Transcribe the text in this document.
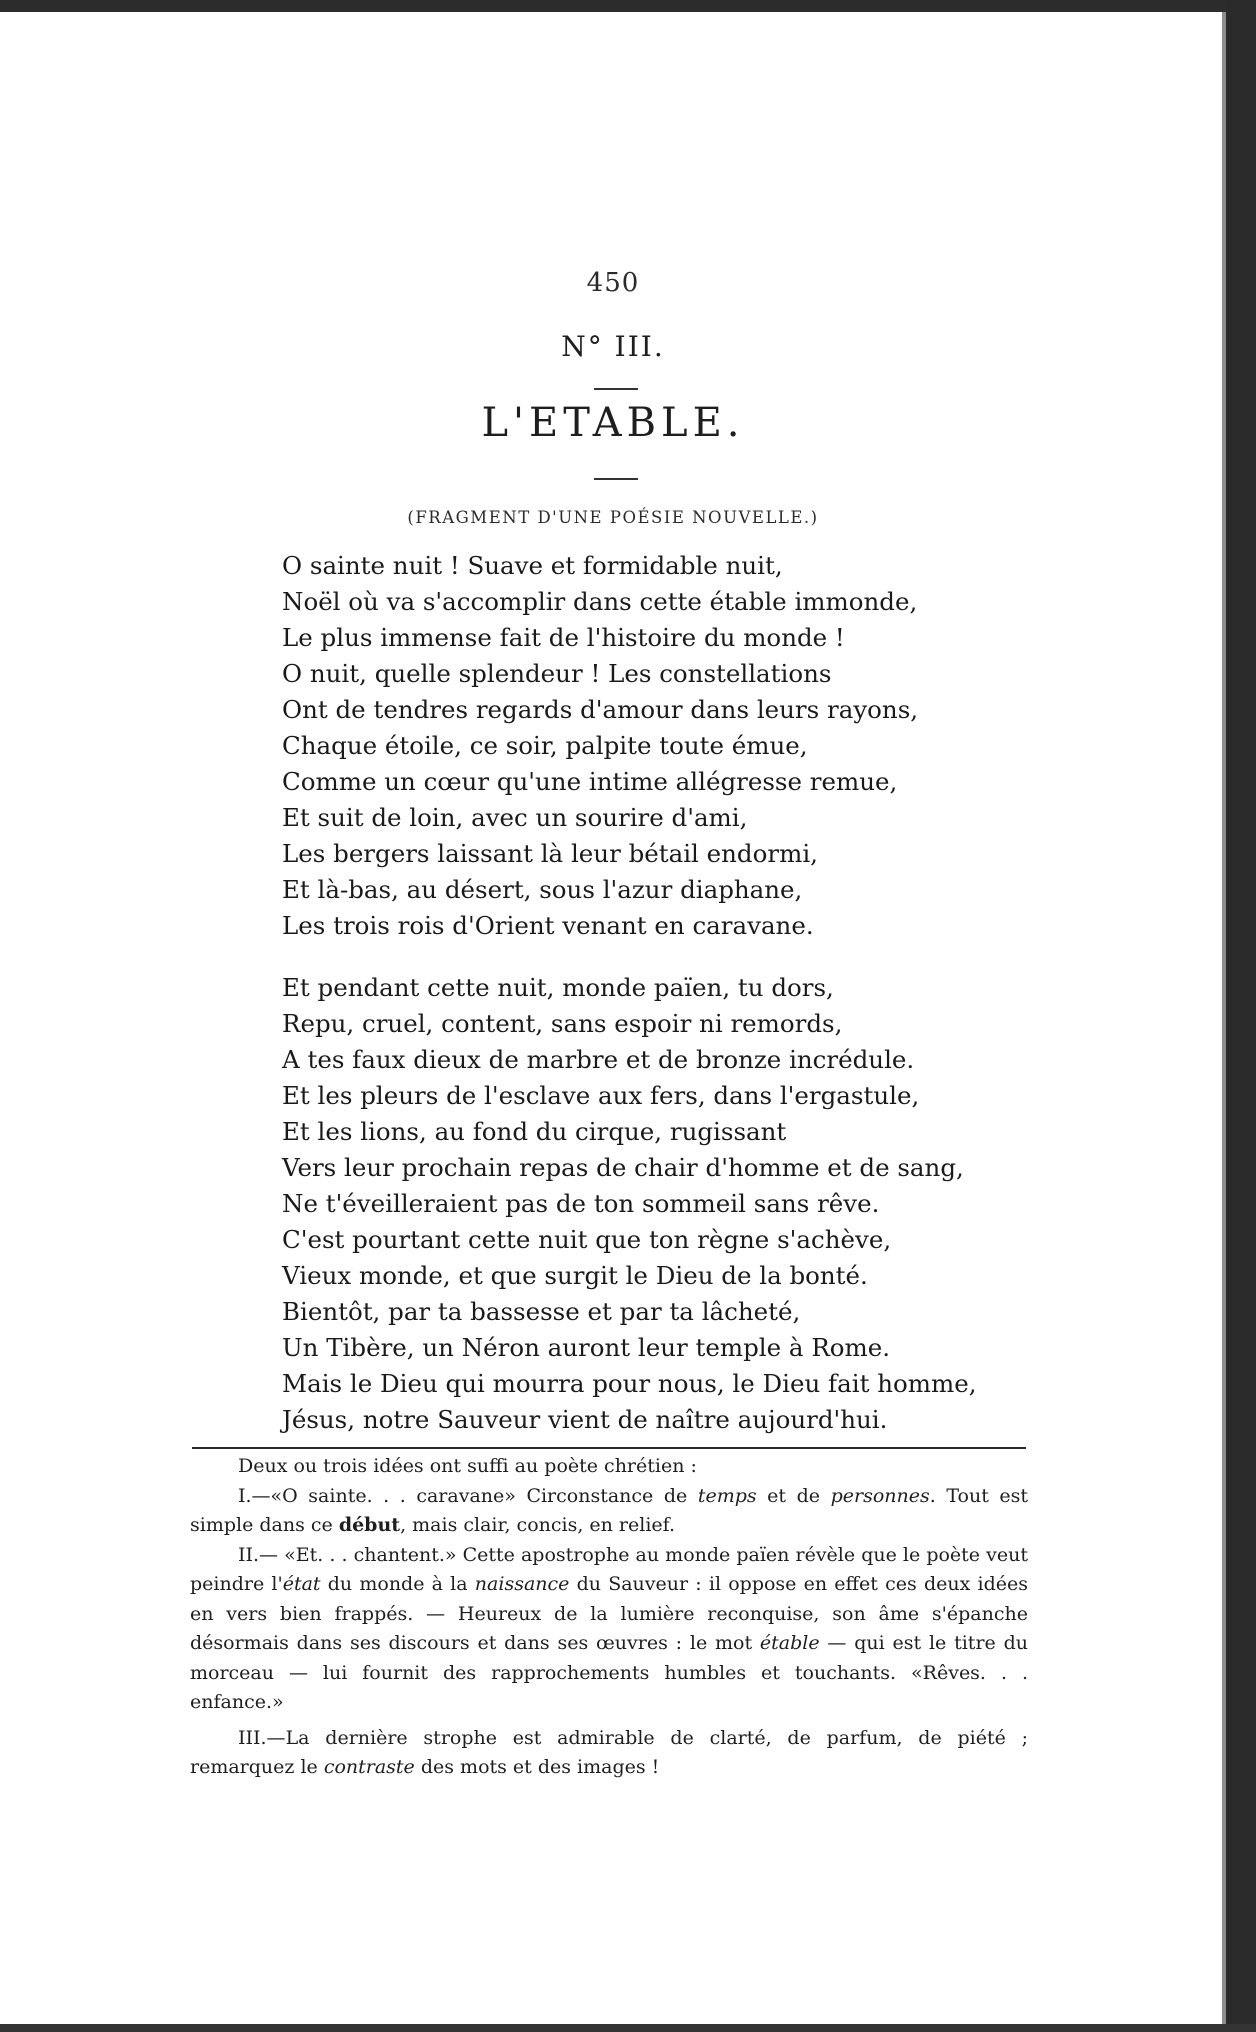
450
N° III.
L'ETABLE.
(FRAGMENT D'UNE POÉSIE NOUVELLE.)
O sainte nuit ! Suave et formidable nuit,
Noël où va s'accomplir dans cette étable immonde,
Le plus immense fait de l'histoire du monde !
O nuit, quelle splendeur ! Les constellations
Ont de tendres regards d'amour dans leurs rayons,
Chaque étoile, ce soir, palpite toute émue,
Comme un cœur qu'une intime allégresse remue,
Et suit de loin, avec un sourire d'ami,
Les bergers laissant là leur bétail endormi,
Et là-bas, au désert, sous l'azur diaphane,
Les trois rois d'Orient venant en caravane.
Et pendant cette nuit, monde païen, tu dors,
Repu, cruel, content, sans espoir ni remords,
A tes faux dieux de marbre et de bronze incrédule.
Et les pleurs de l'esclave aux fers, dans l'ergastule,
Et les lions, au fond du cirque, rugissant
Vers leur prochain repas de chair d'homme et de sang,
Ne t'éveilleraient pas de ton sommeil sans rêve.
C'est pourtant cette nuit que ton règne s'achève,
Vieux monde, et que surgit le Dieu de la bonté.
Bientôt, par ta bassesse et par ta lâcheté,
Un Tibère, un Néron auront leur temple à Rome.
Mais le Dieu qui mourra pour nous, le Dieu fait homme,
Jésus, notre Sauveur vient de naître aujourd'hui.

Deux ou trois idées ont suffi au poète chrétien :

I.—«O sainte. . . caravane» Circonstance de temps et de personnes. Tout est simple dans ce début, mais clair, concis, en relief.

II.— «Et. . . chantent.» Cette apostrophe au monde païen révèle que le poète veut peindre l'état du monde à la naissance du Sauveur : il oppose en effet ces deux idées en vers bien frappés. — Heureux de la lumière reconquise, son âme s'épanche désormais dans ses discours et dans ses œuvres : le mot étable — qui est le titre du morceau — lui fournit des rapprochements humbles et touchants. «Rêves. . . enfance.»

III.—La dernière strophe est admirable de clarté, de parfum, de piété ; remarquez le contraste des mots et des images !
